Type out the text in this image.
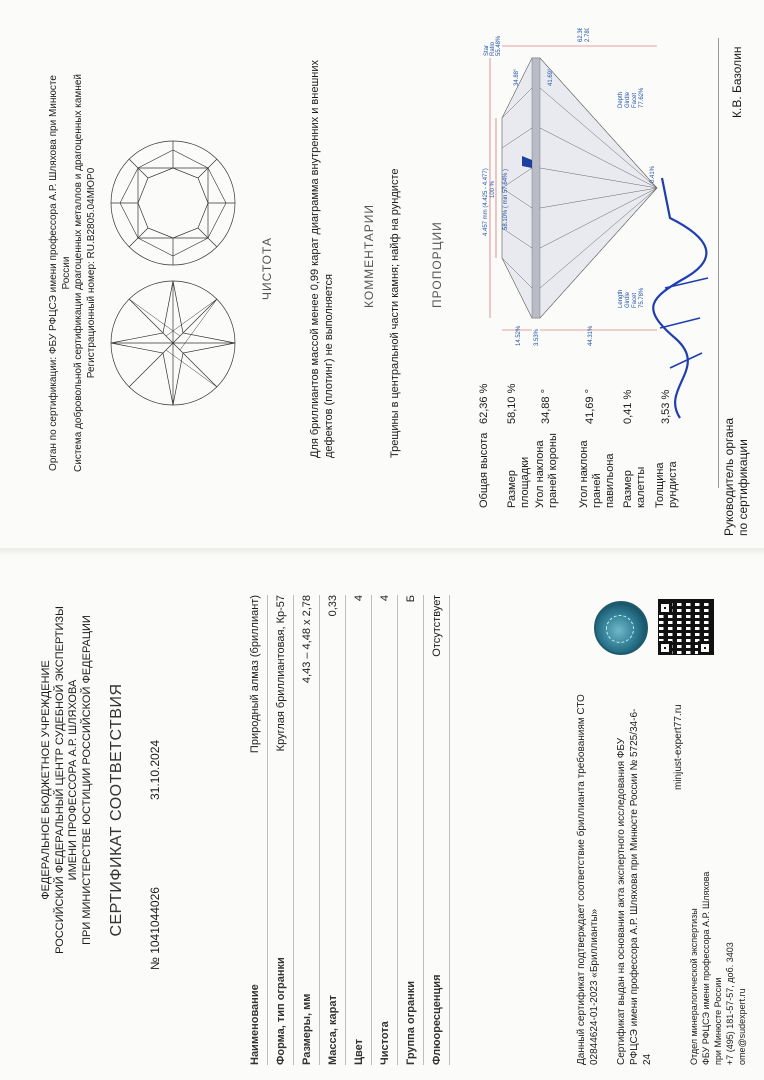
Орган по сертификации: ФБУ РФЦСЭ имени профессора А.Р. Шляхова при Минюсте России Система добровольной сертификации драгоценных металлов и драгоценных камней Регистрационный номер: RU.B2805.04МЮР0	ЧИСТОТА	Для бриллиантов массой менее 0,99 карат диаграмма внутренних и внешних дефектов (плотинг) не выполняется
КОММЕНТАРИИ Трещины в центральной части камня; найф на рундисте ПРОПОРЦИИ
Общая высота
62,36 %
Размер площадки
58,10 %
Угол наклона граней короны
34,88 °
Угол наклона граней павильона
41,69 °
Размер калетты
0,41 %
Толщина рундиста
3,53 %
4.457 mm (4.425 - 4.477) 100 % 58.10% ( min 57.64% )
14.52% 3.53%	44.31%
Star Ratio 55.48%
34.88°	41.69°
62.36% 2.780 mm
Depth Girdle Facet 77.62%
0.41%
Length Girdle Facet 75.78%
Руководитель органа по сертификации
К.В. Базолин
ФЕДЕРАЛЬНОЕ БЮДЖЕТНОЕ УЧРЕЖДЕНИЕ РОССИЙСКИЙ ФЕДЕРАЛЬНЫЙ ЦЕНТР СУДЕБНОЙ ЭКСПЕРТИЗЫ ИМЕНИ ПРОФЕССОРА А.Р. ШЛЯХОВА ПРИ МИНИСТЕРСТВЕ ЮСТИЦИИ РОССИЙСКОЙ ФЕДЕРАЦИИ СЕРТИФИКАТ СООТВЕТСТВИЯ № 1041044026
31.10.2024
Наименование
Природный алмаз (бриллиант)
Форма, тип огранки
Круглая бриллиантовая, Кр-57
Размеры, мм
4,43 – 4,48 x 2,78
Масса, карат
0,33
Цвет
4
Чистота
4
Группа огранки
Б
Флюоресценция
Отсутствует
Данный сертификат подтверждает соответствие бриллианта требованиям СТО 02844624-01-2023 «Бриллианты» Сертификат выдан на основании акта экспертного исследования ФБУ РФЦСЭ имени профессора А.Р. Шляхова при Минюсте России № 5725/34-6-24
minjust-expert77.ru
Отдел минералогической экспертизы ФБУ РФЦСЭ имени профессора А.Р. Шляхова при Минюсте России +7 (495) 181-57-57, доб. 3403 ome@sudexpert.ru
